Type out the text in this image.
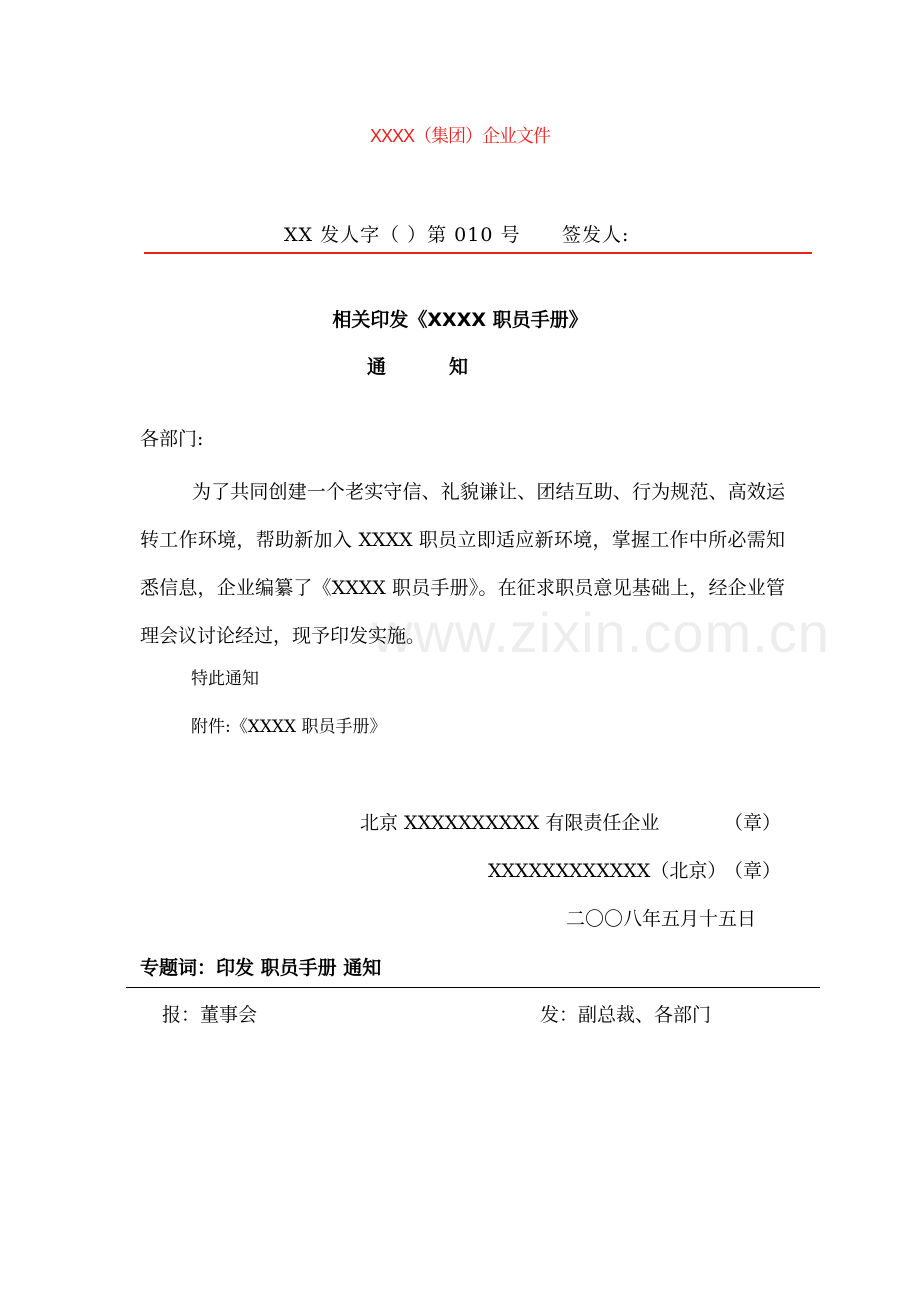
XXXX（集团）企业文件
XX 发人字（ ）第 010 号 签发人:
相关印发《XXXX 职员手册》
通	知
各部门:
为了共同创建一个老实守信、礼貌谦让、团结互助、行为规范、高效运转工作环境，帮助新加入 XXXX 职员立即适应新环境，掌握工作中所必需知悉信息，企业编纂了《XXXX 职员手册》。在征求职员意见基础上，经企业管理会议讨论经过，现予印发实施。
www.zixin.com.cn
特此通知
附件:《XXXX 职员手册》
北京 XXXXXXXXXX 有限责任企业	（章）
XXXXXXXXXXXX（北京）
（章）
二〇〇八年五月十五日
专题词：印发 职员手册 通知
报：董事会	发：副总裁、各部门
